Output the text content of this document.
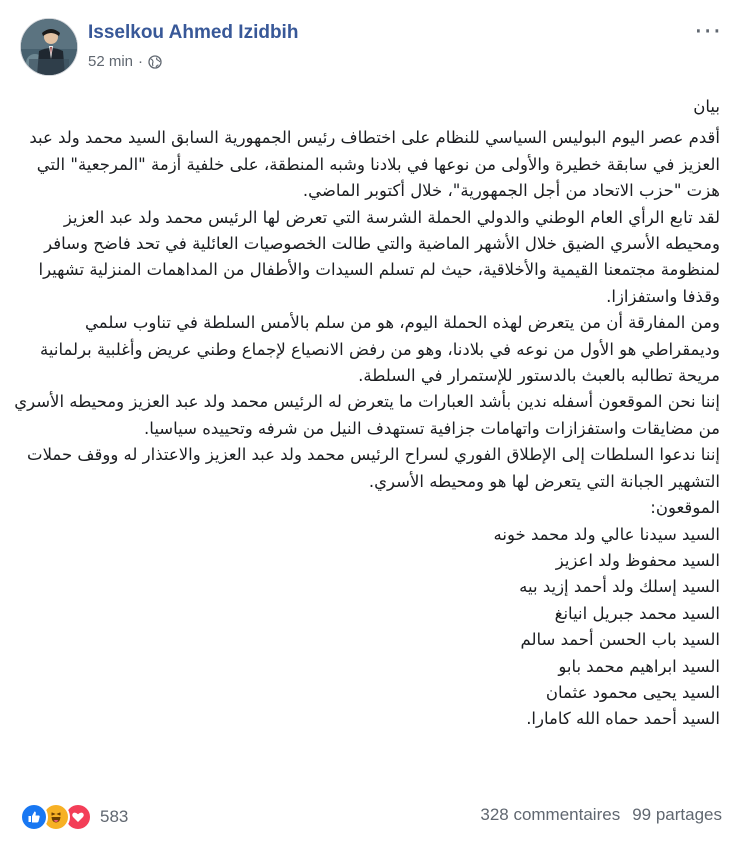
Isselkou Ahmed Izidbih
52 min ·
···
بيان
أقدم عصر اليوم البوليس السياسي للنظام على اختطاف رئيس الجمهورية السابق السيد محمد ولد عبد العزيز في سابقة خطيرة والأولى من نوعها في بلادنا وشبه المنطقة، على خلفية أزمة "المرجعية" التي هزت "حزب الاتحاد من أجل الجمهورية"، خلال أكتوبر الماضي.
لقد تابع الرأي العام الوطني والدولي الحملة الشرسة التي تعرض لها الرئيس محمد ولد عبد العزيز ومحيطه الأسري الضيق خلال الأشهر الماضية والتي طالت الخصوصيات العائلية في تحد فاضح وسافر لمنظومة مجتمعنا القيمية والأخلاقية، حيث لم تسلم السيدات والأطفال من المداهمات المنزلية تشهيرا وقذفا واستفزازا.
ومن المفارقة أن من يتعرض لهذه الحملة اليوم، هو من سلم بالأمس السلطة في تناوب سلمي وديمقراطي هو الأول من نوعه في بلادنا، وهو من رفض الانصياع لإجماع وطني عريض وأغلبية برلمانية مريحة تطالبه بالعبث بالدستور للإستمرار في السلطة.
إننا نحن الموقعون أسفله ندين بأشد العبارات ما يتعرض له الرئيس محمد ولد عبد العزيز ومحيطه الأسري من مضايقات واستفزازات واتهامات جزافية تستهدف النيل من شرفه وتحييده سياسيا.
إننا ندعوا السلطات إلى الإطلاق الفوري لسراح الرئيس محمد ولد عبد العزيز والاعتذار له ووقف حملات التشهير الجبانة التي يتعرض لها هو ومحيطه الأسري.
الموقعون:
السيد سيدنا عالي ولد محمد خونه
السيد محفوظ ولد اعزيز
السيد إسلك ولد أحمد إزيد بيه
السيد محمد جبريل انيانغ
السيد باب الحسن أحمد سالم
السيد ابراهيم محمد بابو
السيد يحيى محمود عثمان
السيد أحمد حماه الله كامارا.
583	328 commentaires 99 partages
